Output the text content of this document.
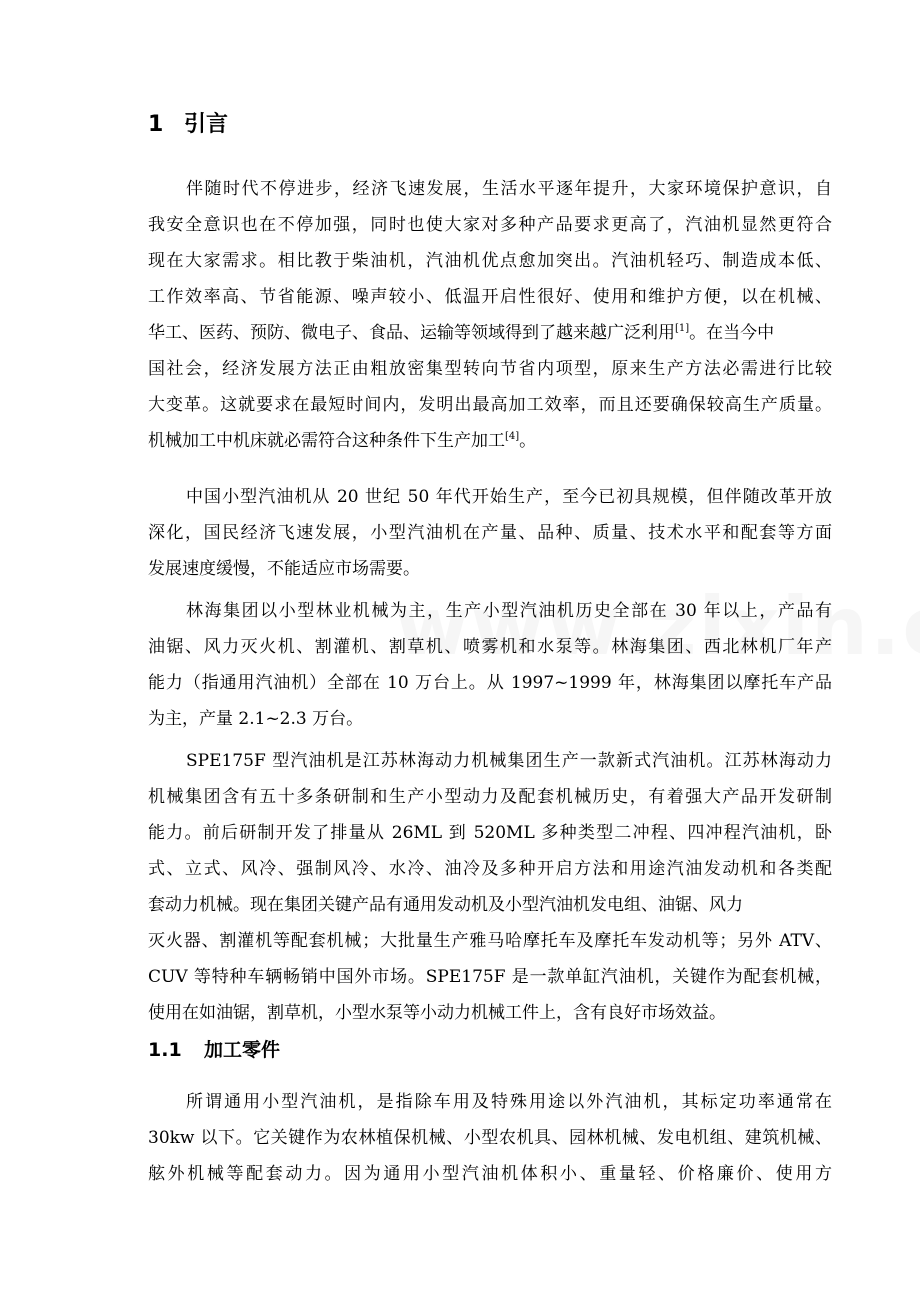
1 引言
伴随时代不停进步，经济飞速发展，生活水平逐年提升，大家环境保护意识，自
我安全意识也在不停加强，同时也使大家对多种产品要求更高了，汽油机显然更符合
现在大家需求。相比教于柴油机，汽油机优点愈加突出。汽油机轻巧、制造成本低、
工作效率高、节省能源、噪声较小、低温开启性很好、使用和维护方便，以在机械、
华工、医药、预防、微电子、食品、运输等领域得到了越来越广泛利用[1]。在当今中
国社会，经济发展方法正由粗放密集型转向节省内项型，原来生产方法必需进行比较
大变革。这就要求在最短时间内，发明出最高加工效率，而且还要确保较高生产质量。
机械加工中机床就必需符合这种条件下生产加工[4]。
中国小型汽油机从 20 世纪 50 年代开始生产，至今已初具规模，但伴随改革开放
深化，国民经济飞速发展，小型汽油机在产量、品种、质量、技术水平和配套等方面
发展速度缓慢，不能适应市场需要。
林海集团以小型林业机械为主，生产小型汽油机历史全部在 30 年以上，产品有
油锯、风力灭火机、割灌机、割草机、喷雾机和水泵等。林海集团、西北林机厂年产
能力（指通用汽油机）全部在 10 万台上。从 1997~1999 年，林海集团以摩托车产品
为主，产量 2.1~2.3 万台。
SPE175F 型汽油机是江苏林海动力机械集团生产一款新式汽油机。江苏林海动力
机械集团含有五十多条研制和生产小型动力及配套机械历史，有着强大产品开发研制
能力。前后研制开发了排量从 26ML 到 520ML 多种类型二冲程、四冲程汽油机，卧
式、立式、风冷、强制风冷、水冷、油冷及多种开启方法和用途汽油发动机和各类配
套动力机械。现在集团关键产品有通用发动机及小型汽油机发电组、油锯、风力
灭火器、割灌机等配套机械；大批量生产雅马哈摩托车及摩托车发动机等；另外 ATV、
CUV 等特种车辆畅销中国外市场。SPE175F 是一款单缸汽油机，关键作为配套机械，
使用在如油锯，割草机，小型水泵等小动力机械工件上，含有良好市场效益。
1.1 加工零件
所谓通用小型汽油机，是指除车用及特殊用途以外汽油机，其标定功率通常在
30kw 以下。它关键作为农林植保机械、小型农机具、园林机械、发电机组、建筑机械、
舷外机械等配套动力。因为通用小型汽油机体积小、重量轻、价格廉价、使用方
